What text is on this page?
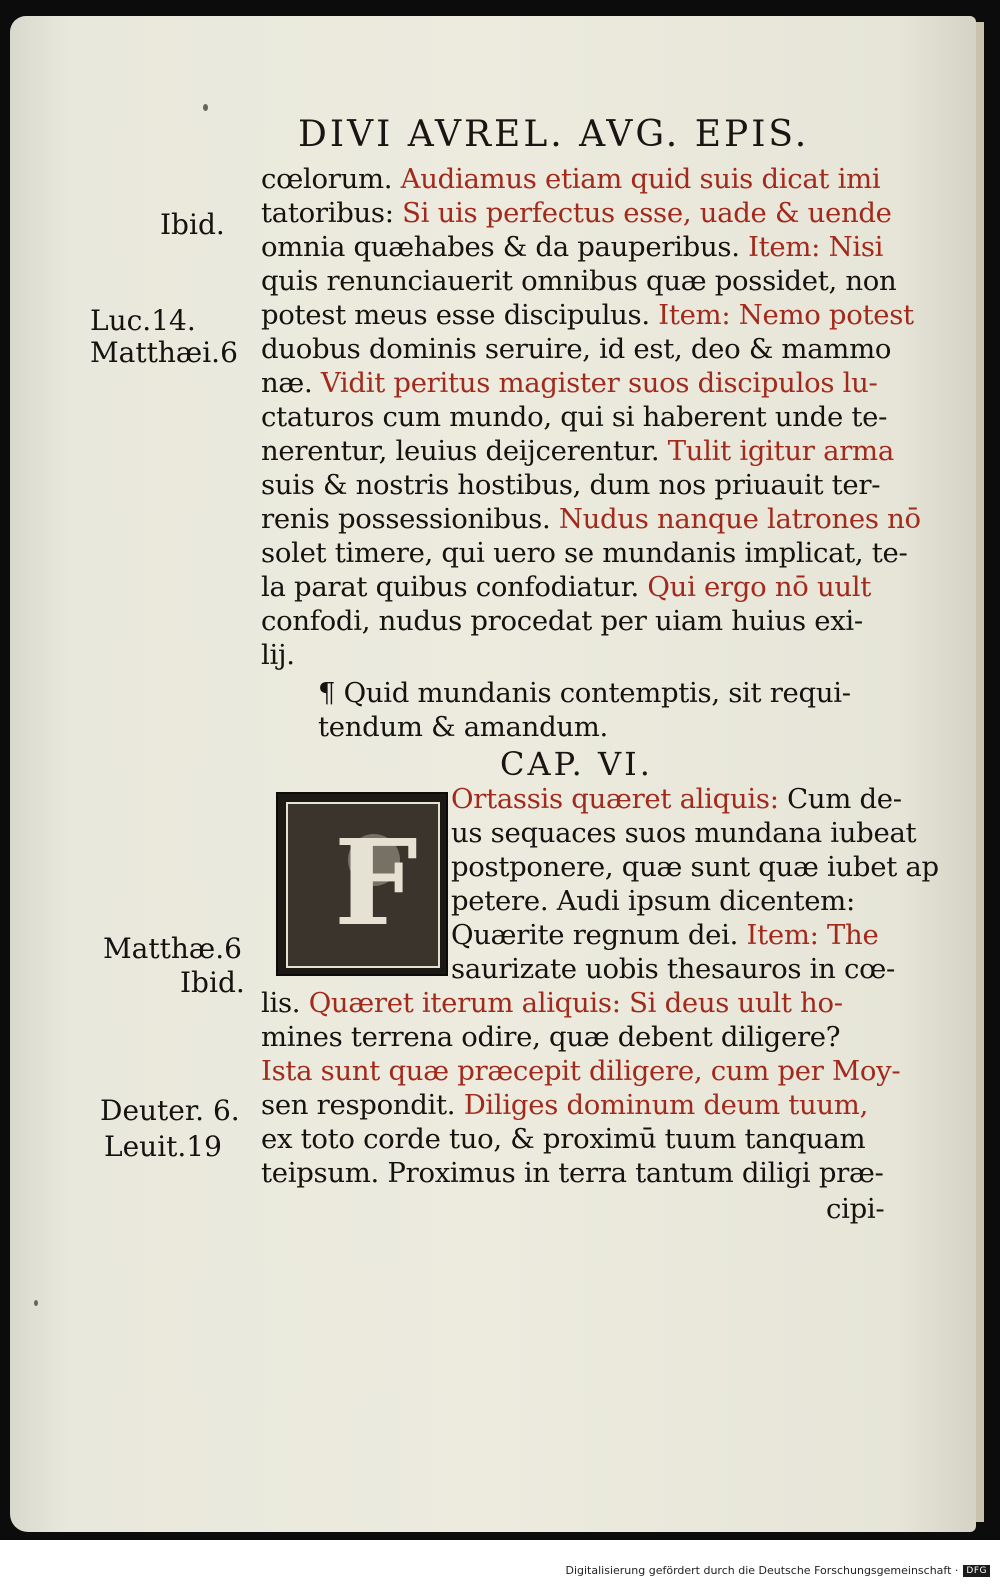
DIVI AVREL. AVG. EPIS.
Ibid.
Luc.14.
Matthæi.6
Matthæ.6
Ibid.
Deuter. 6.
Leuit.19
cœlorum. Audiamus etiam quid suis dicat imi
tatoribus: Si uis perfectus esse, uade & uende
omnia quæhabes & da pauperibus. Item: Nisi
quis renunciauerit omnibus quæ possidet, non
potest meus esse discipulus. Item: Nemo potest
duobus dominis seruire, id est, deo & mammo
næ. Vidit peritus magister suos discipulos lu-
ctaturos cum mundo, qui si haberent unde te-
nerentur, leuius deijcerentur. Tulit igitur arma
suis & nostris hostibus, dum nos priuauit ter-
renis possessionibus. Nudus nanque latrones nō
solet timere, qui uero se mundanis implicat, te-
la parat quibus confodiatur. Qui ergo nō uult
confodi, nudus procedat per uiam huius exi-
lij.
¶ Quid mundanis contemptis, sit requi-
tendum & amandum.
CAP. VI.
F
Ortassis quæret aliquis: Cum de-
us sequaces suos mundana iubeat
postponere, quæ sunt quæ iubet ap
petere. Audi ipsum dicentem:
Quærite regnum dei. Item: The
saurizate uobis thesauros in cœ-
lis. Quæret iterum aliquis: Si deus uult ho-
mines terrena odire, quæ debent diligere?
Ista sunt quæ præcepit diligere, cum per Moy-
sen respondit. Diliges dominum deum tuum,
ex toto corde tuo, & proximū tuum tanquam
teipsum. Proximus in terra tantum diligi præ-
cipi-
Digitalisierung gefördert durch die Deutsche Forschungsgemeinschaft · DFG
